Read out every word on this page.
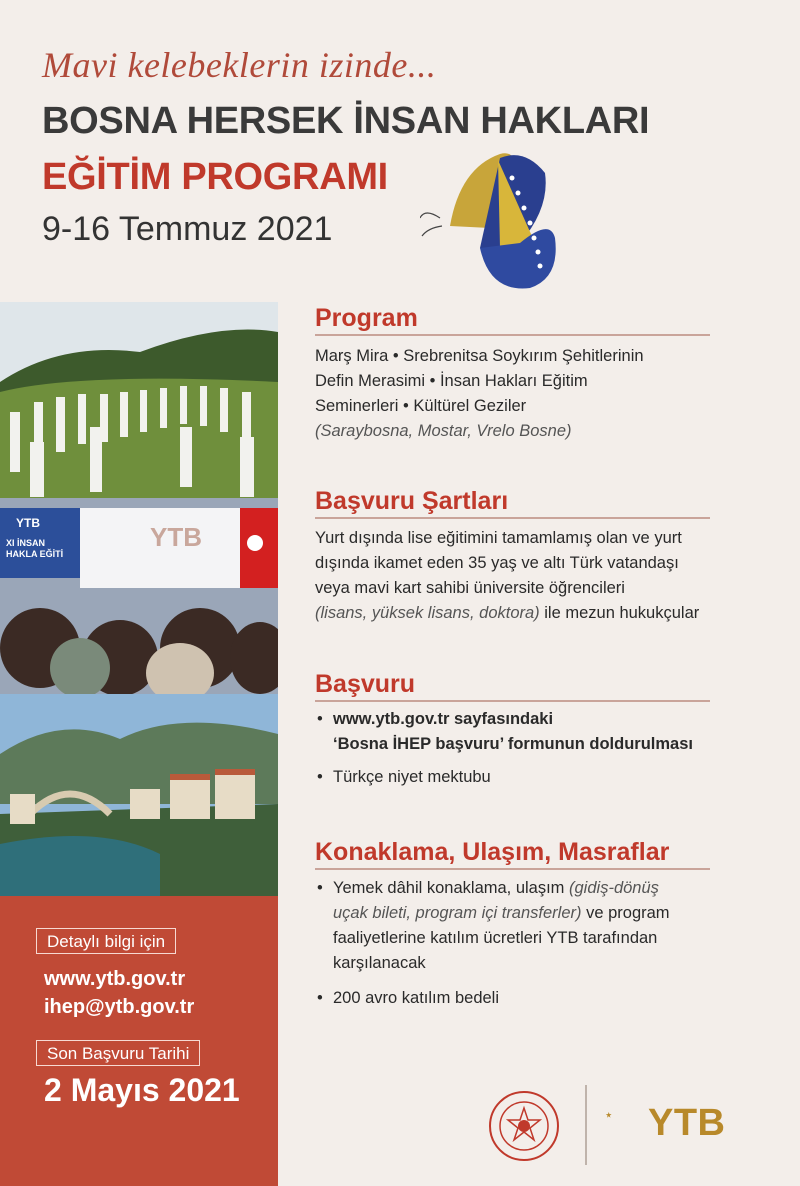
Mavi kelebeklerin izinde...
BOSNA HERSEK İNSAN HAKLARI
EĞİTİM PROGRAMI
9-16 Temmuz 2021
YTB	YTB
XI İNSAN HAKLA EĞİTİ
Detaylı bilgi için
www.ytb.gov.tr
ihep@ytb.gov.tr
Son Başvuru Tarihi
2 Mayıs 2021
Program
Marş Mira • Srebrenitsa Soykırım Şehitlerinin
Defin Merasimi • İnsan Hakları Eğitim
Seminerleri • Kültürel Geziler
(Saraybosna, Mostar, Vrelo Bosne)
Başvuru Şartları
Yurt dışında lise eğitimini tamamlamış olan ve yurt
dışında ikamet eden 35 yaş ve altı Türk vatandaşı
veya mavi kart sahibi üniversite öğrencileri
(lisans, yüksek lisans, doktora) ile mezun hukukçular
Başvuru
• www.ytb.gov.tr sayfasındaki
‘Bosna İHEP başvuru’ formunun doldurulması
• Türkçe niyet mektubu
Konaklama, Ulaşım, Masraflar
• Yemek dâhil konaklama, ulaşım (gidiş-dönüş
uçak bileti, program içi transferler) ve program
faaliyetlerine katılım ücretleri YTB tarafından
karşılanacak
• 200 avro katılım bedeli
YTB
